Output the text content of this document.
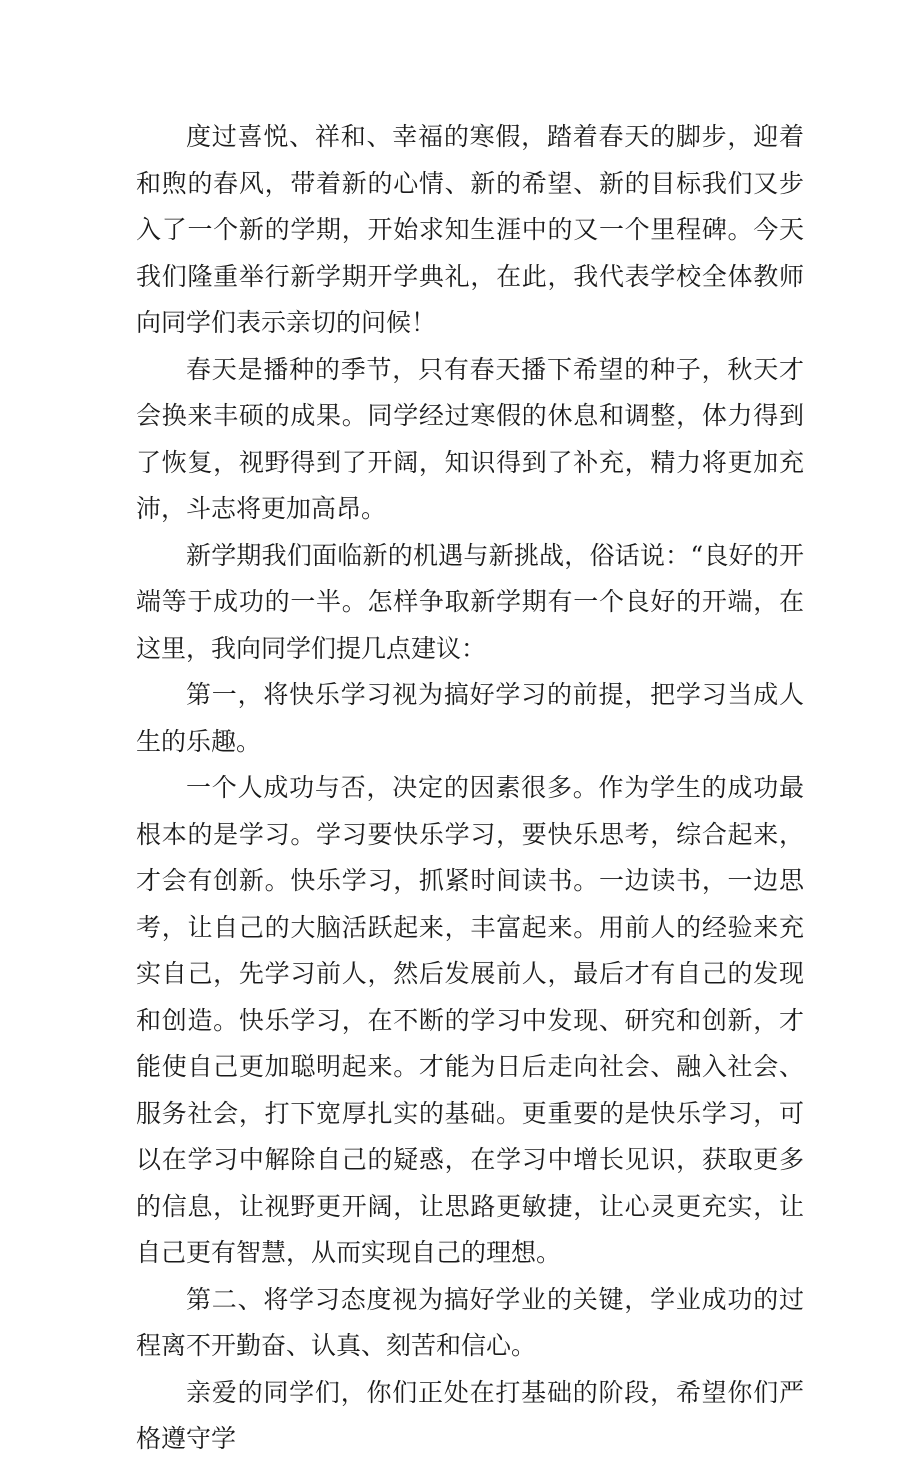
度过喜悦、祥和、幸福的寒假，踏着春天的脚步，迎着和煦的春风，带着新的心情、新的希望、新的目标我们又步入了一个新的学期，开始求知生涯中的又一个里程碑。今天我们隆重举行新学期开学典礼，在此，我代表学校全体教师向同学们表示亲切的问候！

春天是播种的季节，只有春天播下希望的种子，秋天才会换来丰硕的成果。同学经过寒假的休息和调整，体力得到了恢复，视野得到了开阔，知识得到了补充，精力将更加充沛，斗志将更加高昂。

新学期我们面临新的机遇与新挑战，俗话说：“良好的开端等于成功的一半。怎样争取新学期有一个良好的开端，在这里，我向同学们提几点建议：

第一，将快乐学习视为搞好学习的前提，把学习当成人生的乐趣。

一个人成功与否，决定的因素很多。作为学生的成功最根本的是学习。学习要快乐学习，要快乐思考，综合起来，才会有创新。快乐学习，抓紧时间读书。一边读书，一边思考，让自己的大脑活跃起来，丰富起来。用前人的经验来充实自己，先学习前人，然后发展前人，最后才有自己的发现和创造。快乐学习，在不断的学习中发现、研究和创新，才能使自己更加聪明起来。才能为日后走向社会、融入社会、服务社会，打下宽厚扎实的基础。更重要的是快乐学习，可以在学习中解除自己的疑惑，在学习中增长见识，获取更多的信息，让视野更开阔，让思路更敏捷，让心灵更充实，让自己更有智慧，从而实现自己的理想。

第二、将学习态度视为搞好学业的关键，学业成功的过程离不开勤奋、认真、刻苦和信心。

亲爱的同学们，你们正处在打基础的阶段，希望你们严格遵守学
